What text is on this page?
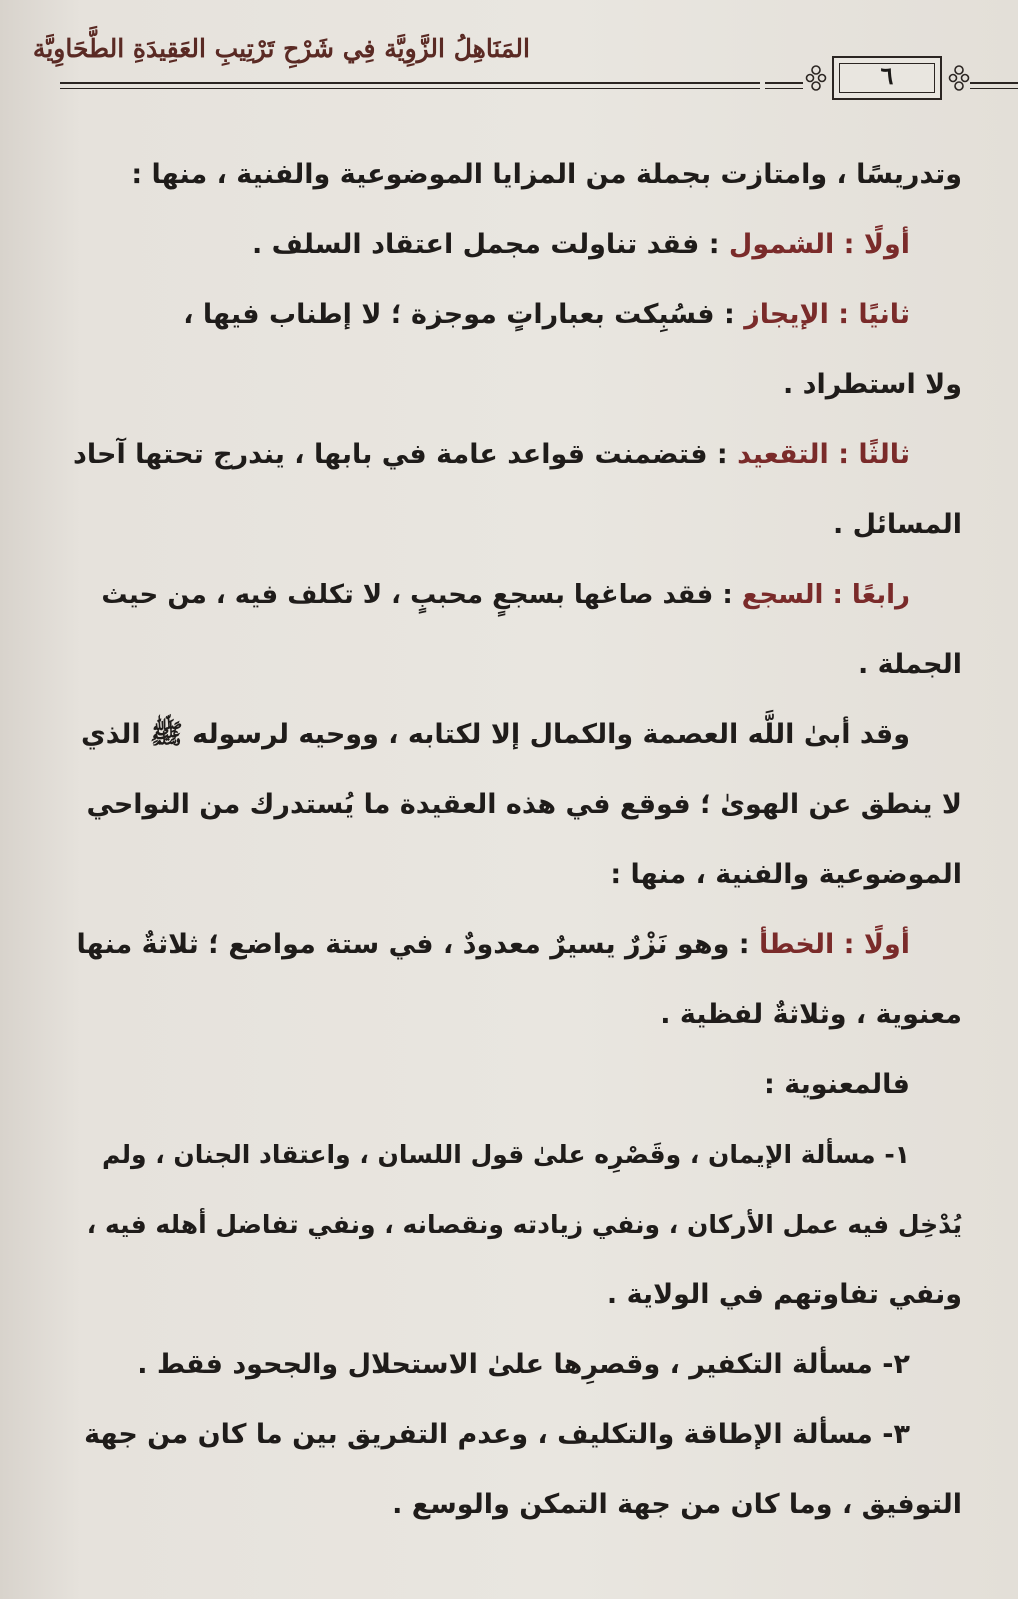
المَنَاهِلُ الزَّوِيَّة فِي شَرْحِ تَرْتِيبِ العَقِيدَةِ الطَّحَاوِيَّة
٦
وتدريسًا ، وامتازت بجملة من المزايا الموضوعية والفنية ، منها :
أولًا : الشمول : فقد تناولت مجمل اعتقاد السلف .
ثانيًا : الإيجاز : فسُبِكت بعباراتٍ موجزة ؛ لا إطناب فيها ،
ولا استطراد .
ثالثًا : التقعيد : فتضمنت قواعد عامة في بابها ، يندرج تحتها آحاد
المسائل .
رابعًا : السجع : فقد صاغها بسجعٍ محببٍ ، لا تكلف فيه ، من حيث
الجملة .
وقد أبىٰ اللَّه العصمة والكمال إلا لكتابه ، ووحيه لرسوله ﷺ الذي
لا ينطق عن الهوىٰ ؛ فوقع في هذه العقيدة ما يُستدرك من النواحي
الموضوعية والفنية ، منها :
أولًا : الخطأ : وهو نَزْرٌ يسيرٌ معدودٌ ، في ستة مواضع ؛ ثلاثةٌ منها
معنوية ، وثلاثةٌ لفظية .
فالمعنوية :
١- مسألة الإيمان ، وقَصْرِه علىٰ قول اللسان ، واعتقاد الجنان ، ولم
يُدْخِل فيه عمل الأركان ، ونفي زيادته ونقصانه ، ونفي تفاضل أهله فيه ،
ونفي تفاوتهم في الولاية .
٢- مسألة التكفير ، وقصرِها علىٰ الاستحلال والجحود فقط .
٣- مسألة الإطاقة والتكليف ، وعدم التفريق بين ما كان من جهة
التوفيق ، وما كان من جهة التمكن والوسع .
